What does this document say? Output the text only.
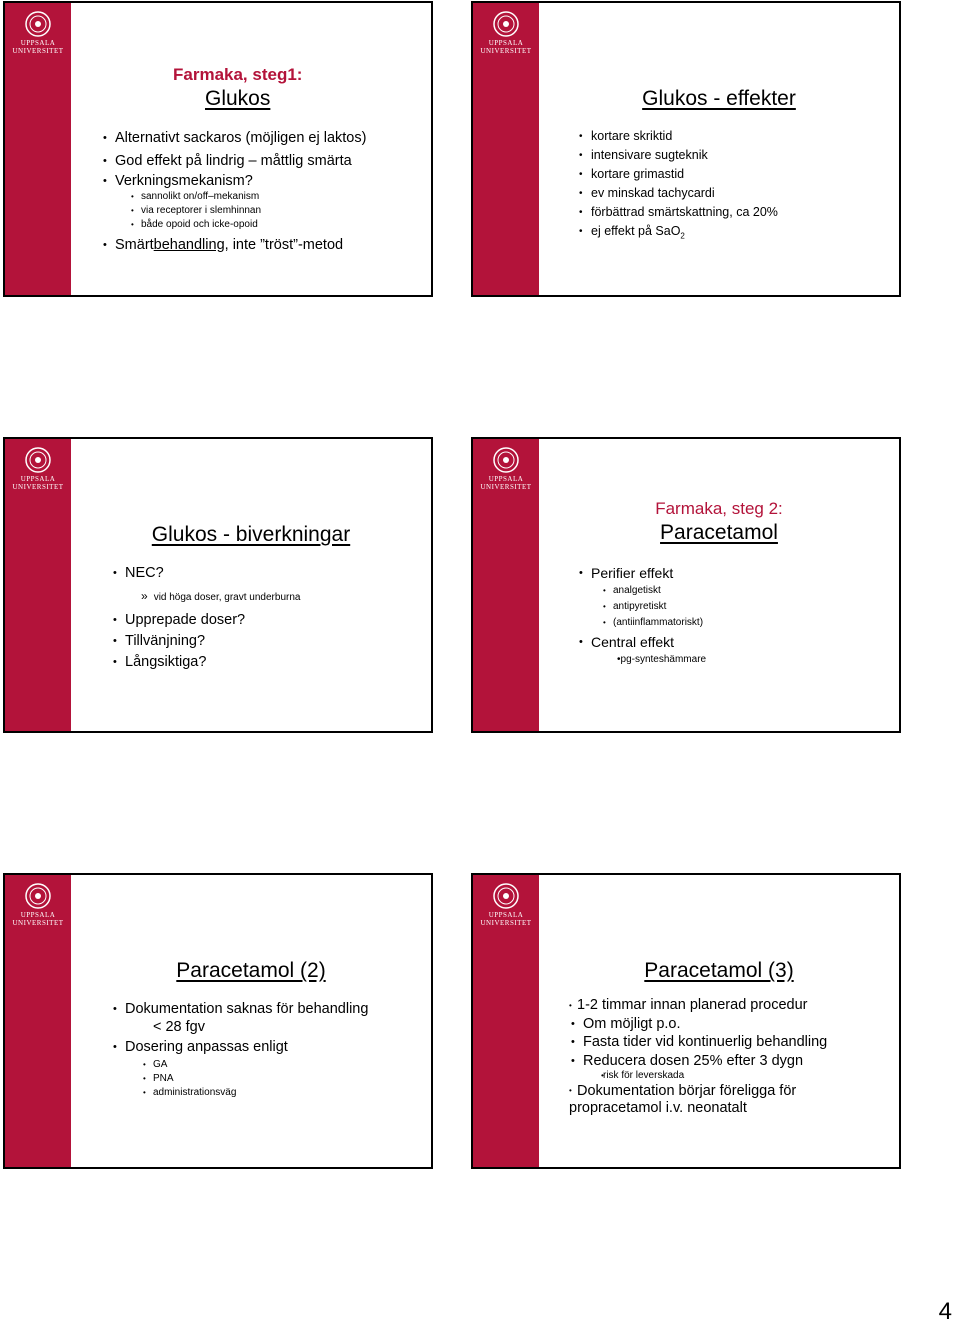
UPPSALA
UNIVERSITET
Farmaka, steg1:
Glukos
• Alternativt sackaros (möjligen ej laktos)
• God effekt på lindrig – måttlig smärta
• Verkningsmekanism?
• sannolikt on/off–mekanism
• via receptorer i slemhinnan
• både opoid och icke-opoid
• Smärtbehandling, inte ”tröst”-metod
UPPSALA
UNIVERSITET
Glukos - effekter
• kortare skriktid
• intensivare sugteknik
• kortare grimastid
• ev minskad tachycardi
• förbättrad smärtskattning, ca 20%
• ej effekt på SaO$_2$
UPPSALA
UNIVERSITET
Glukos - biverkningar
• NEC?
» vid höga doser, gravt underburna
• Upprepade doser?
• Tillvänjning?
• Långsiktiga?
UPPSALA
UNIVERSITET
Farmaka, steg 2:
Paracetamol
• Perifier effekt
• analgetiskt
• antipyretiskt
• (antiinflammatoriskt)
• Central effekt
•pg-synteshämmare
UPPSALA
UNIVERSITET
Paracetamol (2)
• Dokumentation saknas för behandling
< 28 fgv
• Dosering anpassas enligt
• GA
• PNA
• administrationsväg
UPPSALA
UNIVERSITET
Paracetamol (3)
• 1-2 timmar innan planerad procedur
• Om möjligt p.o.
• Fasta tider vid kontinuerlig behandling
• Reducera dosen 25% efter 3 dygn
• risk för leverskada
• Dokumentation börjar föreligga för
propracetamol i.v. neonatalt
4
